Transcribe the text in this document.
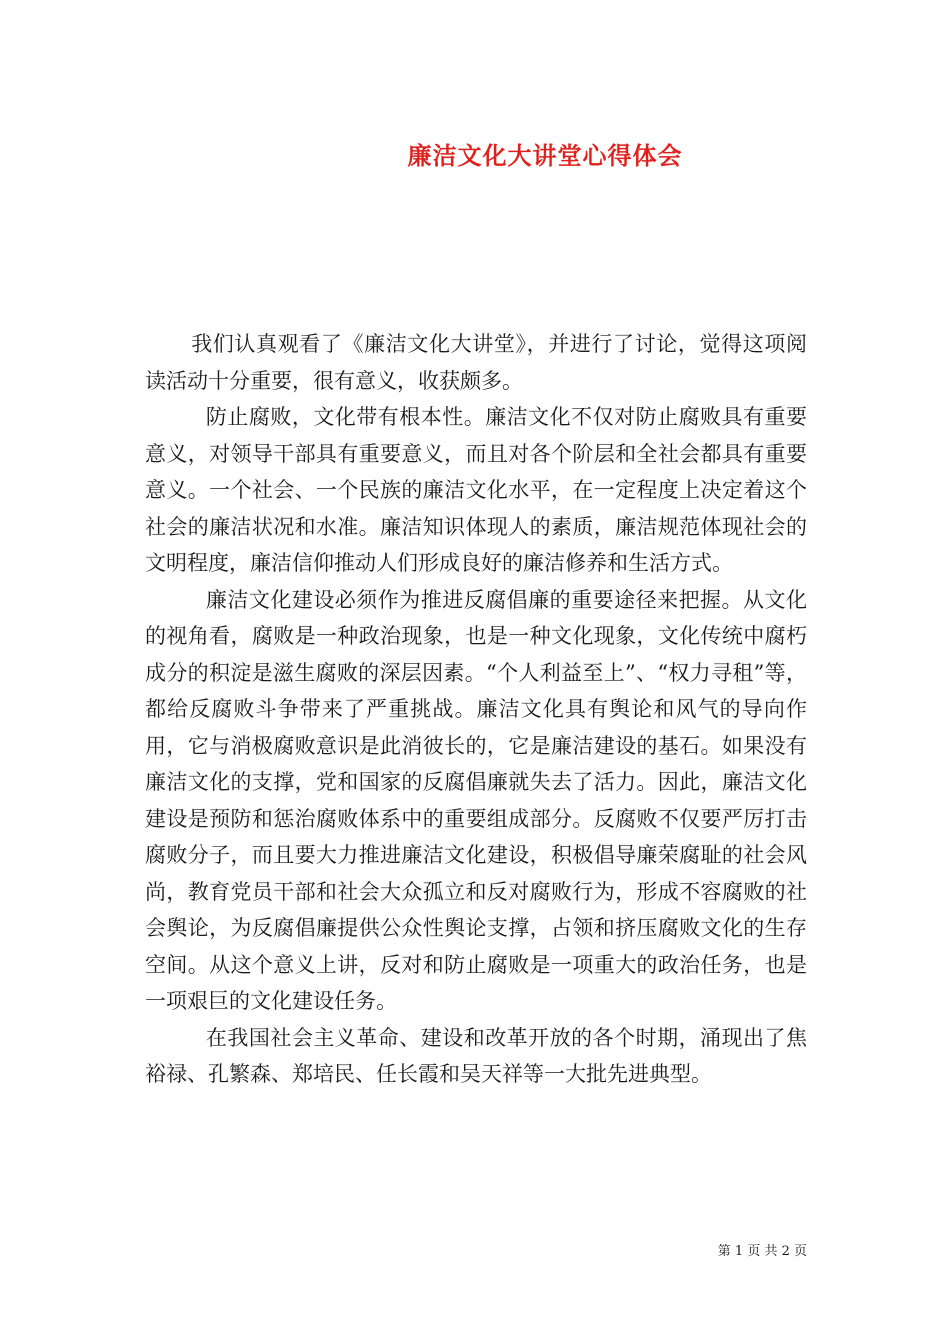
廉洁文化大讲堂心得体会

我们认真观看了《廉洁文化大讲堂》，并进行了讨论，觉得这项阅读活动十分重要，很有意义，收获颇多。

防止腐败，文化带有根本性。廉洁文化不仅对防止腐败具有重要意义，对领导干部具有重要意义，而且对各个阶层和全社会都具有重要意义。一个社会、一个民族的廉洁文化水平，在一定程度上决定着这个社会的廉洁状况和水准。廉洁知识体现人的素质，廉洁规范体现社会的文明程度，廉洁信仰推动人们形成良好的廉洁修养和生活方式。

廉洁文化建设必须作为推进反腐倡廉的重要途径来把握。从文化的视角看，腐败是一种政治现象，也是一种文化现象，文化传统中腐朽成分的积淀是滋生腐败的深层因素。“个人利益至上”、“权力寻租”等，都给反腐败斗争带来了严重挑战。廉洁文化具有舆论和风气的导向作用，它与消极腐败意识是此消彼长的，它是廉洁建设的基石。如果没有廉洁文化的支撑，党和国家的反腐倡廉就失去了活力。因此，廉洁文化建设是预防和惩治腐败体系中的重要组成部分。反腐败不仅要严厉打击腐败分子，而且要大力推进廉洁文化建设，积极倡导廉荣腐耻的社会风尚，教育党员干部和社会大众孤立和反对腐败行为，形成不容腐败的社会舆论，为反腐倡廉提供公众性舆论支撑，占领和挤压腐败文化的生存空间。从这个意义上讲，反对和防止腐败是一项重大的政治任务，也是一项艰巨的文化建设任务。

在我国社会主义革命、建设和改革开放的各个时期，涌现出了焦裕禄、孔繁森、郑培民、任长霞和吴天祥等一大批先进典型。

第 1 页 共 2 页
